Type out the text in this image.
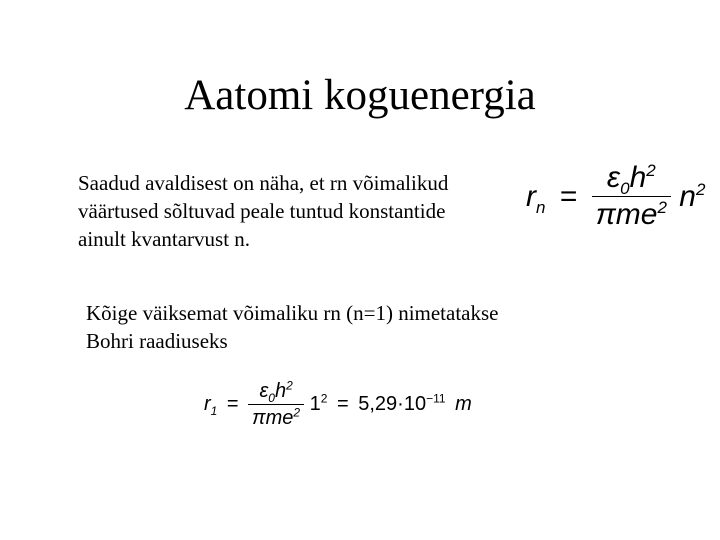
Aatomi koguenergia
Saadud avaldisest on näha, et rn võimalikud
väärtused sõltuvad peale tuntud konstantide
ainult kvantarvust n.
$r_n = \frac{\varepsilon_0h^2}{\pi me^2} n^2$
Kõige väiksemat võimaliku rn (n=1) nimetatakse
Bohri raadiuseks
$r_1 = \frac{\varepsilon_0h^2}{\pi me^2} 1^2 = 5,29\cdot 10^{-11}$ m
